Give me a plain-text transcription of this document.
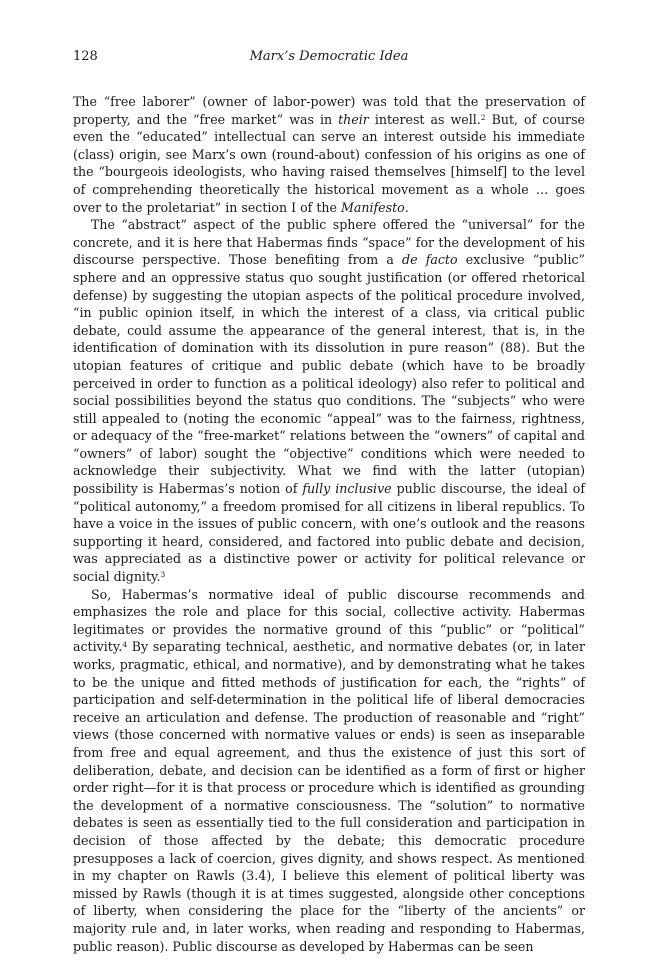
128	Marx’s Democratic Idea

The “free laborer” (owner of labor-power) was told that the preservation of property, and the “free market” was in their interest as well.$^2$ But, of course even the “educated” intellectual can serve an interest outside his immediate (class) origin, see Marx’s own (round-about) confession of his origins as one of the “bourgeois ideologists, who having raised themselves [himself] to the level of comprehending theoretically the historical movement as a whole … goes over to the proletariat” in section I of the Manifesto.

The “abstract” aspect of the public sphere offered the “universal” for the concrete, and it is here that Habermas finds “space” for the development of his discourse perspective. Those benefiting from a de facto exclusive “public” sphere and an oppressive status quo sought justification (or offered rhetorical defense) by suggesting the utopian aspects of the political procedure involved, “in public opinion itself, in which the interest of a class, via critical public debate, could assume the appearance of the general interest, that is, in the identification of domination with its dissolution in pure reason” (88). But the utopian features of critique and public debate (which have to be broadly perceived in order to function as a political ideology) also refer to political and social possibilities beyond the status quo conditions. The “subjects” who were still appealed to (noting the economic “appeal” was to the fairness, rightness, or adequacy of the “free-market” relations between the “owners” of capital and “owners” of labor) sought the “objective” conditions which were needed to acknowledge their subjectivity. What we find with the latter (utopian) possibility is Habermas’s notion of fully inclusive public discourse, the ideal of “political autonomy,” a freedom promised for all citizens in liberal republics. To have a voice in the issues of public concern, with one’s outlook and the reasons supporting it heard, considered, and factored into public debate and decision, was appreciated as a distinctive power or activity for political relevance or social dignity.$^3$

So, Habermas’s normative ideal of public discourse recommends and emphasizes the role and place for this social, collective activity. Habermas legitimates or provides the normative ground of this “public” or “political” activity.$^4$ By separating technical, aesthetic, and normative debates (or, in later works, pragmatic, ethical, and normative), and by demonstrating what he takes to be the unique and fitted methods of justification for each, the “rights” of participation and self-determination in the political life of liberal democracies receive an articulation and defense. The production of reasonable and “right” views (those concerned with normative values or ends) is seen as inseparable from free and equal agreement, and thus the existence of just this sort of deliberation, debate, and decision can be identified as a form of first or higher order right—for it is that process or procedure which is identified as grounding the development of a normative consciousness. The “solution” to normative debates is seen as essentially tied to the full consideration and participation in decision of those affected by the debate; this democratic procedure presupposes a lack of coercion, gives dignity, and shows respect. As mentioned in my chapter on Rawls (3.4), I believe this element of political liberty was missed by Rawls (though it is at times suggested, alongside other conceptions of liberty, when considering the place for the “liberty of the ancients” or majority rule and, in later works, when reading and responding to Habermas, public reason). Public discourse as developed by Habermas can be seen
